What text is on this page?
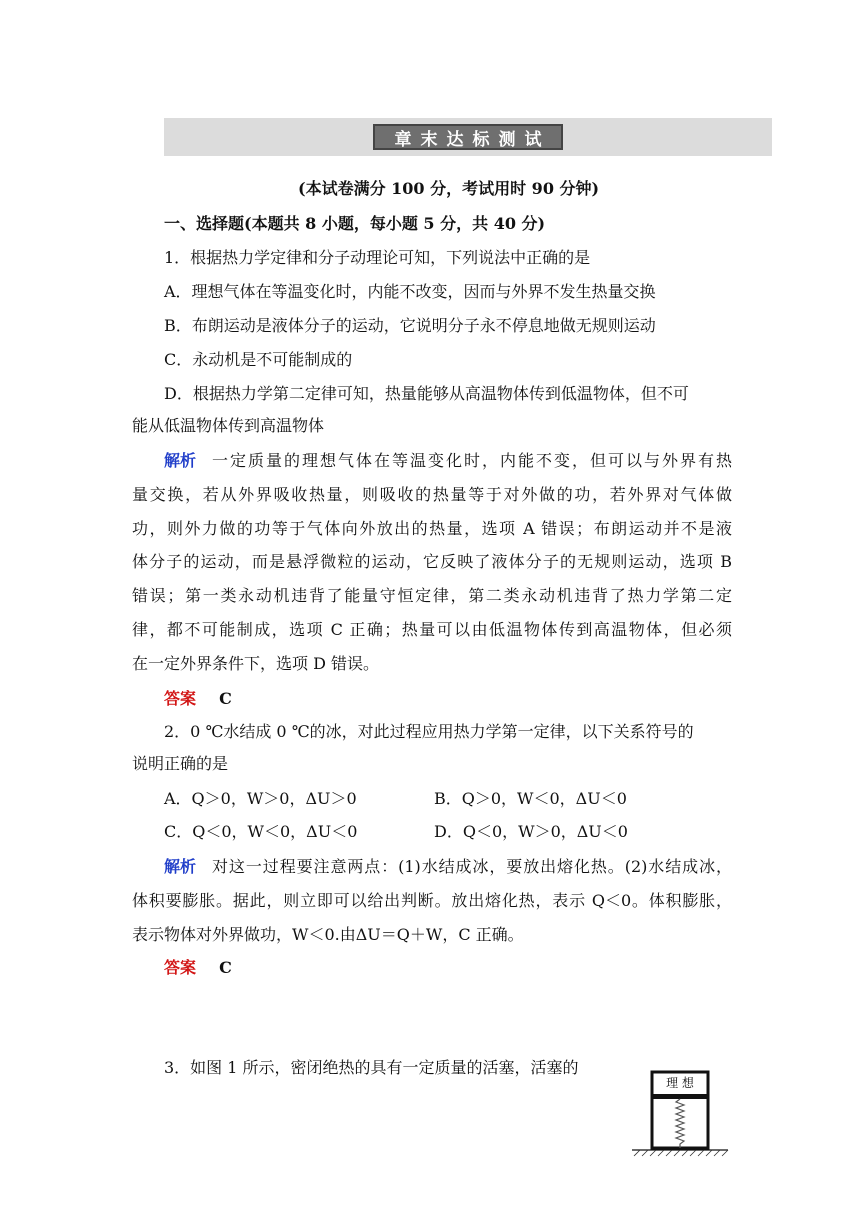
章末达标测试
(本试卷满分 100 分，考试用时 90 分钟)
一、选择题(本题共 8 小题，每小题 5 分，共 40 分)
1．根据热力学定律和分子动理论可知，下列说法中正确的是
A．理想气体在等温变化时，内能不改变，因而与外界不发生热量交换
B．布朗运动是液体分子的运动，它说明分子永不停息地做无规则运动
C．永动机是不可能制成的
D．根据热力学第二定律可知，热量能够从高温物体传到低温物体，但不可
能从低温物体传到高温物体
解析 一定质量的理想气体在等温变化时，内能不变，但可以与外界有热
量交换，若从外界吸收热量，则吸收的热量等于对外做的功，若外界对气体做
功，则外力做的功等于气体向外放出的热量，选项 A 错误；布朗运动并不是液
体分子的运动，而是悬浮微粒的运动，它反映了液体分子的无规则运动，选项 B
错误；第一类永动机违背了能量守恒定律，第二类永动机违背了热力学第二定
律，都不可能制成，选项 C 正确；热量可以由低温物体传到高温物体，但必须
在一定外界条件下，选项 D 错误。
答案 C
2．0 ℃水结成 0 ℃的冰，对此过程应用热力学第一定律，以下关系符号的
说明正确的是
A．Q＞0，W＞0，ΔU＞0	B．Q＞0，W＜0，ΔU＜0
C．Q＜0，W＜0，ΔU＜0	D．Q＜0，W＞0，ΔU＜0
解析 对这一过程要注意两点：(1)水结成冰，要放出熔化热。(2)水结成冰，
体积要膨胀。据此，则立即可以给出判断。放出熔化热，表示 Q＜0。体积膨胀，
表示物体对外界做功，W＜0.由ΔU＝Q＋W，C 正确。
答案 C
3．如图 1 所示，密闭绝热的具有一定质量的活塞，活塞的
理 想
